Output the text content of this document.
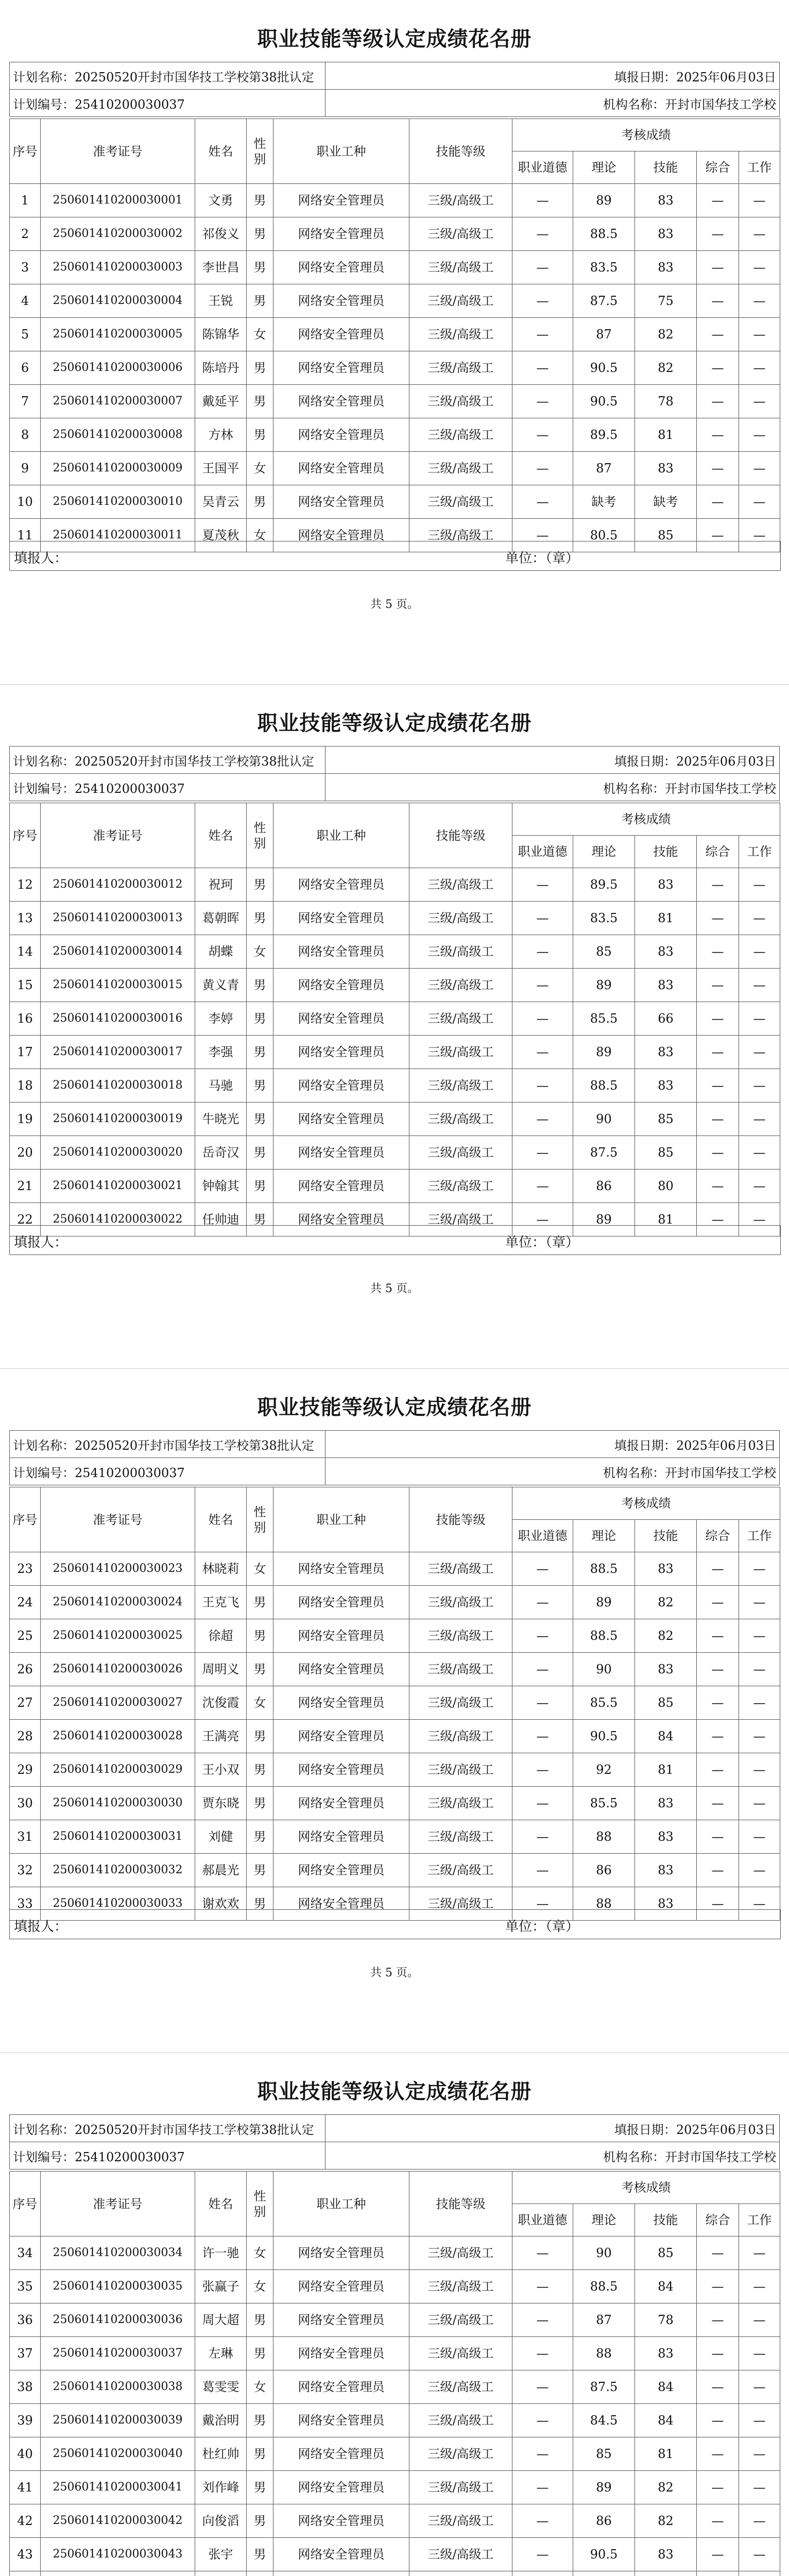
职业技能等级认定成绩花名册
计划名称：20250520开封市国华技工学校第38批认定	填报日期：2025年06月03日
计划编号：25410200030037	机构名称：开封市国华技工学校
序号	准考证号	姓名	性别	职业工种	技能等级	考核成绩				
						职业道德	理论	技能	综合	工作
1	250601410200030001	文勇	男	网络安全管理员	三级/高级工	—	89	83	—	—
2	250601410200030002	祁俊义	男	网络安全管理员	三级/高级工	—	88.5	83	—	—
3	250601410200030003	李世昌	男	网络安全管理员	三级/高级工	—	83.5	83	—	—
4	250601410200030004	王锐	男	网络安全管理员	三级/高级工	—	87.5	75	—	—
5	250601410200030005	陈锦华	女	网络安全管理员	三级/高级工	—	87	82	—	—
6	250601410200030006	陈培丹	男	网络安全管理员	三级/高级工	—	90.5	82	—	—
7	250601410200030007	戴延平	男	网络安全管理员	三级/高级工	—	90.5	78	—	—
8	250601410200030008	方林	男	网络安全管理员	三级/高级工	—	89.5	81	—	—
9	250601410200030009	王国平	女	网络安全管理员	三级/高级工	—	87	83	—	—
10	250601410200030010	吴青云	男	网络安全管理员	三级/高级工	—	缺考	缺考	—	—
11	250601410200030011	夏茂秋	女	网络安全管理员	三级/高级工	—	80.5	85	—	—
填报人：	单位：（章）
共 5 页。
职业技能等级认定成绩花名册
计划名称：20250520开封市国华技工学校第38批认定	填报日期：2025年06月03日
计划编号：25410200030037	机构名称：开封市国华技工学校
序号	准考证号	姓名	性别	职业工种	技能等级	考核成绩				
						职业道德	理论	技能	综合	工作
12	250601410200030012	祝珂	男	网络安全管理员	三级/高级工	—	89.5	83	—	—
13	250601410200030013	葛朝晖	男	网络安全管理员	三级/高级工	—	83.5	81	—	—
14	250601410200030014	胡蝶	女	网络安全管理员	三级/高级工	—	85	83	—	—
15	250601410200030015	黄义青	男	网络安全管理员	三级/高级工	—	89	83	—	—
16	250601410200030016	李婷	男	网络安全管理员	三级/高级工	—	85.5	66	—	—
17	250601410200030017	李强	男	网络安全管理员	三级/高级工	—	89	83	—	—
18	250601410200030018	马驰	男	网络安全管理员	三级/高级工	—	88.5	83	—	—
19	250601410200030019	牛晓光	男	网络安全管理员	三级/高级工	—	90	85	—	—
20	250601410200030020	岳奇汉	男	网络安全管理员	三级/高级工	—	87.5	85	—	—
21	250601410200030021	钟翰其	男	网络安全管理员	三级/高级工	—	86	80	—	—
22	250601410200030022	任帅迪	男	网络安全管理员	三级/高级工	—	89	81	—	—
填报人：	单位：（章）
共 5 页。
职业技能等级认定成绩花名册
计划名称：20250520开封市国华技工学校第38批认定	填报日期：2025年06月03日
计划编号：25410200030037	机构名称：开封市国华技工学校
序号	准考证号	姓名	性别	职业工种	技能等级	考核成绩				
						职业道德	理论	技能	综合	工作
23	250601410200030023	林晓莉	女	网络安全管理员	三级/高级工	—	88.5	83	—	—
24	250601410200030024	王克飞	男	网络安全管理员	三级/高级工	—	89	82	—	—
25	250601410200030025	徐超	男	网络安全管理员	三级/高级工	—	88.5	82	—	—
26	250601410200030026	周明义	男	网络安全管理员	三级/高级工	—	90	83	—	—
27	250601410200030027	沈俊霞	女	网络安全管理员	三级/高级工	—	85.5	85	—	—
28	250601410200030028	王满亮	男	网络安全管理员	三级/高级工	—	90.5	84	—	—
29	250601410200030029	王小双	男	网络安全管理员	三级/高级工	—	92	81	—	—
30	250601410200030030	贾东晓	男	网络安全管理员	三级/高级工	—	85.5	83	—	—
31	250601410200030031	刘健	男	网络安全管理员	三级/高级工	—	88	83	—	—
32	250601410200030032	郝晨光	男	网络安全管理员	三级/高级工	—	86	83	—	—
33	250601410200030033	谢欢欢	男	网络安全管理员	三级/高级工	—	88	83	—	—
填报人：	单位：（章）
共 5 页。
职业技能等级认定成绩花名册
计划名称：20250520开封市国华技工学校第38批认定	填报日期：2025年06月03日
计划编号：25410200030037	机构名称：开封市国华技工学校
序号	准考证号	姓名	性别	职业工种	技能等级	考核成绩				
						职业道德	理论	技能	综合	工作
34	250601410200030034	许一驰	女	网络安全管理员	三级/高级工	—	90	85	—	—
35	250601410200030035	张赢子	女	网络安全管理员	三级/高级工	—	88.5	84	—	—
36	250601410200030036	周大超	男	网络安全管理员	三级/高级工	—	87	78	—	—
37	250601410200030037	左琳	男	网络安全管理员	三级/高级工	—	88	83	—	—
38	250601410200030038	葛雯雯	女	网络安全管理员	三级/高级工	—	87.5	84	—	—
39	250601410200030039	戴治明	男	网络安全管理员	三级/高级工	—	84.5	84	—	—
40	250601410200030040	杜红帅	男	网络安全管理员	三级/高级工	—	85	81	—	—
41	250601410200030041	刘作峰	男	网络安全管理员	三级/高级工	—	89	82	—	—
42	250601410200030042	向俊滔	男	网络安全管理员	三级/高级工	—	86	82	—	—
43	250601410200030043	张宇	男	网络安全管理员	三级/高级工	—	90.5	83	—	—
